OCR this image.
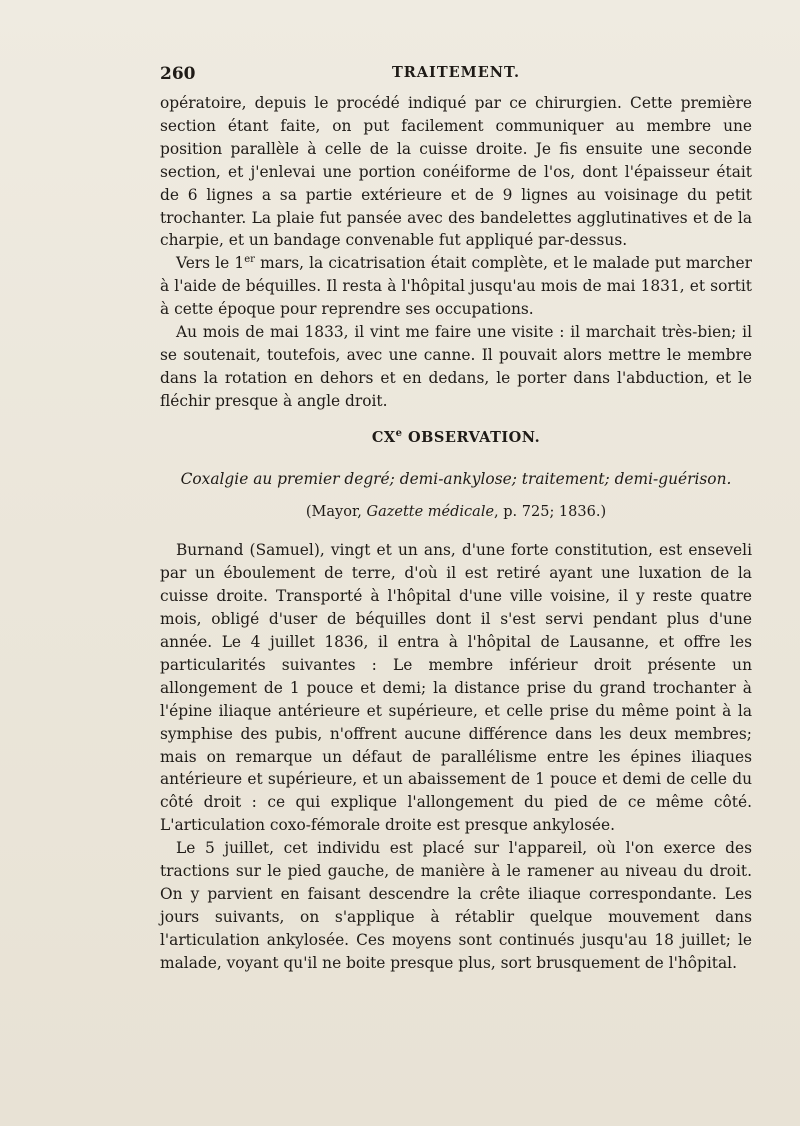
260	TRAITEMENT.

opératoire, depuis le procédé indiqué par ce chirurgien. Cette première section étant faite, on put facilement communiquer au membre une position parallèle à celle de la cuisse droite. Je fis ensuite une seconde section, et j'enlevai une portion conéiforme de l'os, dont l'épaisseur était de 6 lignes a sa partie extérieure et de 9 lignes au voisinage du petit trochanter. La plaie fut pansée avec des bandelettes agglutinatives et de la charpie, et un bandage convenable fut appliqué par-dessus.

Vers le 1er mars, la cicatrisation était complète, et le malade put marcher à l'aide de béquilles. Il resta à l'hôpital jusqu'au mois de mai 1831, et sortit à cette époque pour reprendre ses occupations.

Au mois de mai 1833, il vint me faire une visite : il marchait très-bien; il se soutenait, toutefois, avec une canne. Il pouvait alors mettre le membre dans la rotation en dehors et en dedans, le porter dans l'abduction, et le fléchir presque à angle droit.

CXe OBSERVATION.

Coxalgie au premier degré; demi-ankylose; traitement; demi-guérison.

(Mayor, Gazette médicale, p. 725; 1836.)

Burnand (Samuel), vingt et un ans, d'une forte constitution, est enseveli par un éboulement de terre, d'où il est retiré ayant une luxation de la cuisse droite. Transporté à l'hôpital d'une ville voisine, il y reste quatre mois, obligé d'user de béquilles dont il s'est servi pendant plus d'une année. Le 4 juillet 1836, il entra à l'hôpital de Lausanne, et offre les particularités suivantes : Le membre inférieur droit présente un allongement de 1 pouce et demi; la distance prise du grand trochanter à l'épine iliaque antérieure et supérieure, et celle prise du même point à la symphise des pubis, n'offrent aucune différence dans les deux membres; mais on remarque un défaut de parallélisme entre les épines iliaques antérieure et supérieure, et un abaissement de 1 pouce et demi de celle du côté droit : ce qui explique l'allongement du pied de ce même côté. L'articulation coxo-fémorale droite est presque ankylosée.

Le 5 juillet, cet individu est placé sur l'appareil, où l'on exerce des tractions sur le pied gauche, de manière à le ramener au niveau du droit. On y parvient en faisant descendre la crête iliaque correspondante. Les jours suivants, on s'applique à rétablir quelque mouvement dans l'articulation ankylosée. Ces moyens sont continués jusqu'au 18 juillet; le malade, voyant qu'il ne boite presque plus, sort brusquement de l'hôpital.
